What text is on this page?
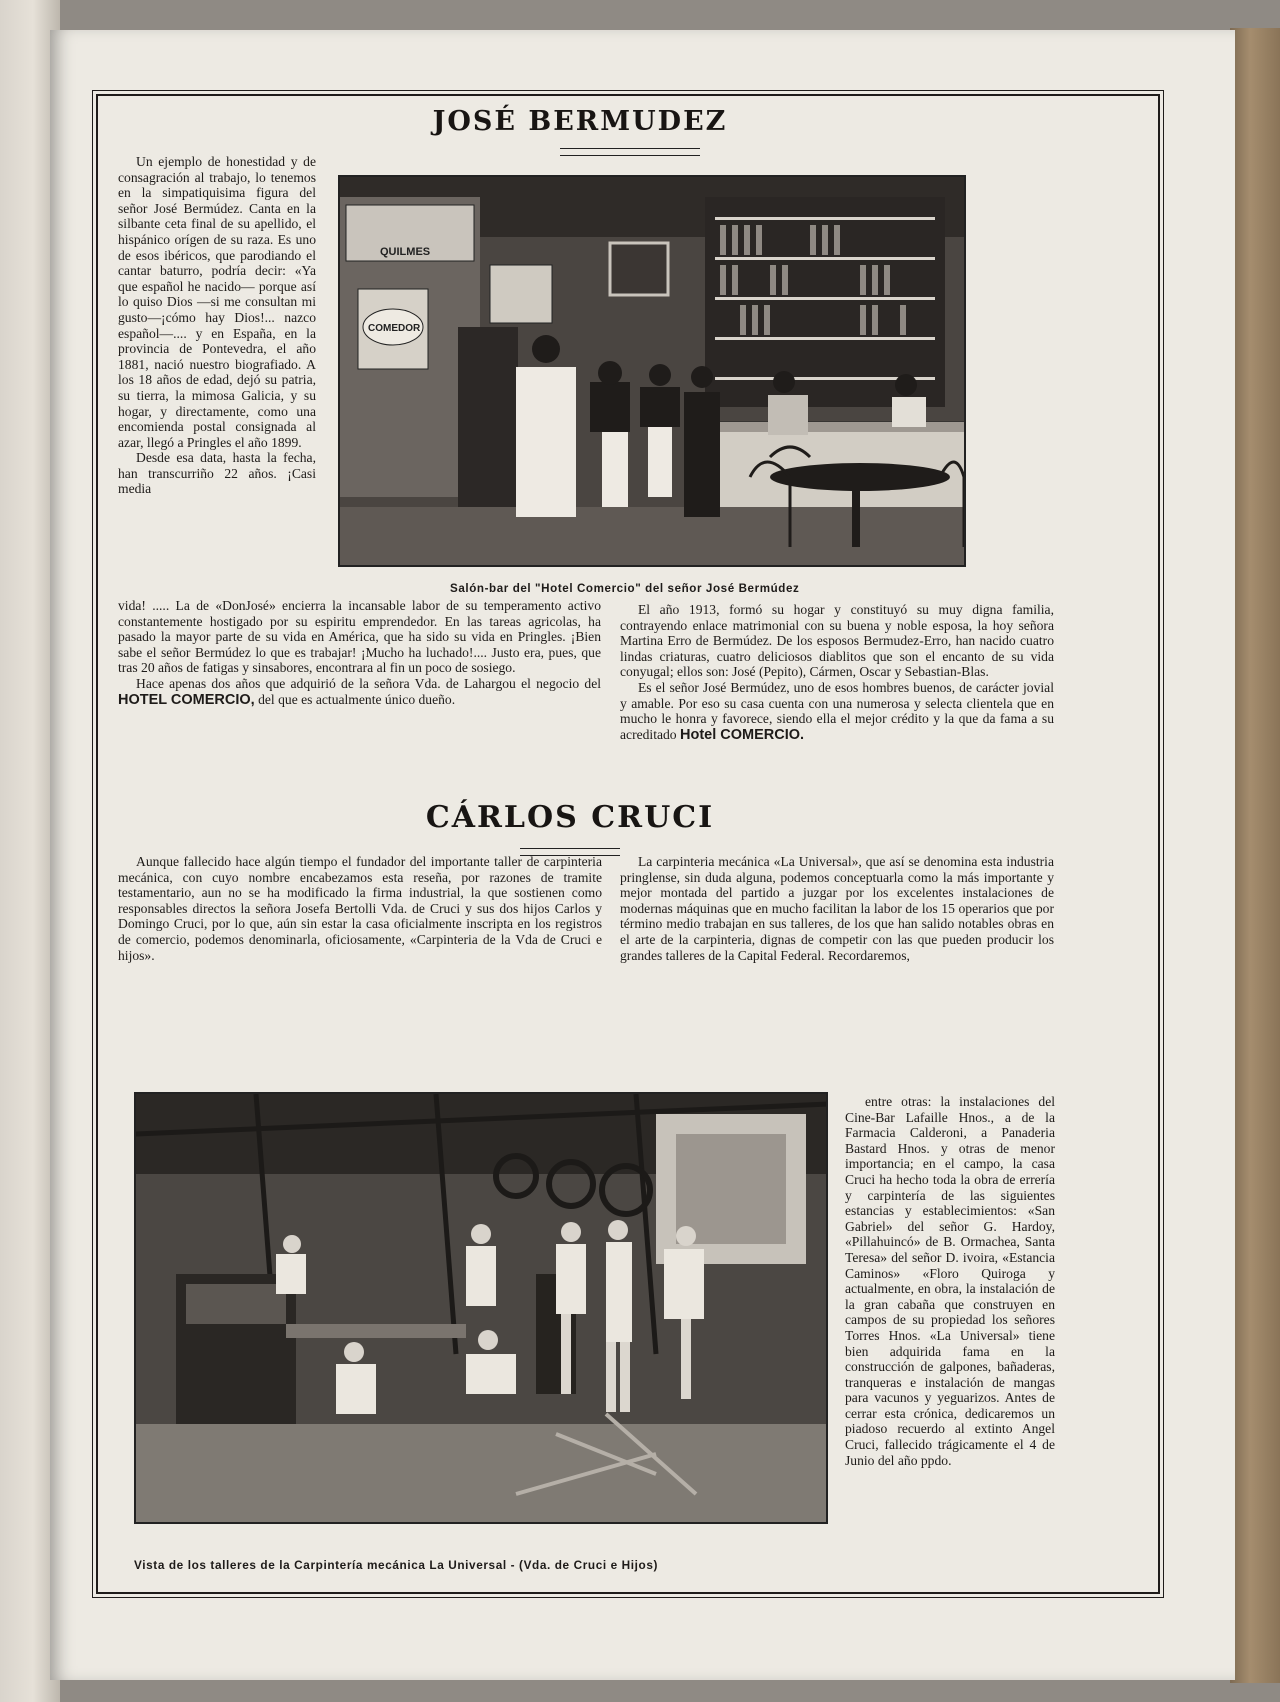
JOSÉ BERMUDEZ

Un ejemplo de honestidad y de consagración al trabajo, lo tenemos en la simpatiquisima figura del señor José Bermúdez. Canta en la silbante ceta final de su apellido, el hispánico orígen de su raza. Es uno de esos ibéricos, que parodiando el cantar baturro, podría decir: «Ya que español he nacido— porque así lo quiso Dios —si me consultan mi gusto—¡cómo hay Dios!... nazco español—.... y en España, en la provincia de Pontevedra, el año 1881, nació nuestro biografiado. A los 18 años de edad, dejó su patria, su tierra, la mimosa Galicia, y su hogar, y directamente, como una encomienda postal consignada al azar, llegó a Pringles el año 1899.

Desde esa data, hasta la fecha, han transcurriño 22 años. ¡Casi media

QUILMES
COMEDOR
Salón-bar del "Hotel Comercio" del señor José Bermúdez

vida! ..... La de «DonJosé» encierra la incansable labor de su temperamento activo constantemente hostigado por su espiritu emprendedor. En las tareas agricolas, ha pasado la mayor parte de su vida en América, que ha sido su vida en Pringles. ¡Bien sabe el señor Bermúdez lo que es trabajar! ¡Mucho ha luchado!.... Justo era, pues, que tras 20 años de fatigas y sinsabores, encontrara al fin un poco de sosiego.

Hace apenas dos años que adquirió de la señora Vda. de Lahargou el negocio del HOTEL COMERCIO, del que es actualmente único dueño.

El año 1913, formó su hogar y constituyó su muy digna familia, contrayendo enlace matrimonial con su buena y noble esposa, la hoy señora Martina Erro de Bermúdez. De los esposos Bermudez-Erro, han nacido cuatro lindas criaturas, cuatro deliciosos diablitos que son el encanto de su vida conyugal; ellos son: José (Pepito), Cármen, Oscar y Sebastian-Blas.

Es el señor José Bermúdez, uno de esos hombres buenos, de carácter jovial y amable. Por eso su casa cuenta con una numerosa y selecta clientela que en mucho le honra y favorece, siendo ella el mejor crédito y la que da fama a su acreditado Hotel COMERCIO.

CÁRLOS CRUCI

Aunque fallecido hace algún tiempo el fundador del importante taller de carpinteria mecánica, con cuyo nombre encabezamos esta reseña, por razones de tramite testamentario, aun no se ha modificado la firma industrial, la que sostienen como responsables directos la señora Josefa Bertolli Vda. de Cruci y sus dos hijos Carlos y Domingo Cruci, por lo que, aún sin estar la casa oficialmente inscripta en los registros de comercio, podemos denominarla, oficiosamente, «Carpinteria de la Vda de Cruci e hijos».

La carpinteria mecánica «La Universal», que así se denomina esta industria pringlense, sin duda alguna, podemos conceptuarla como la más importante y mejor montada del partido a juzgar por los excelentes instalaciones de modernas máquinas que en mucho facilitan la labor de los 15 operarios que por término medio trabajan en sus talleres, de los que han salido notables obras en el arte de la carpinteria, dignas de competir con las que pueden producir los grandes talleres de la Capital Federal. Recordaremos,

entre otras: la instalaciones del Cine-Bar Lafaille Hnos., a de la Farmacia Calderoni, a Panaderia Bastard Hnos. y otras de menor importancia; en el campo, la casa Cruci ha hecho toda la obra de errería y carpintería de las siguientes estancias y establecimientos: «San Gabriel» del señor G. Hardoy, «Pillahuincó» de B. Ormachea, Santa Teresa» del señor D. ivoira, «Estancia Caminos» «Floro Quiroga y actualmente, en obra, la instalación de la gran cabaña que construyen en campos de su propiedad los señores Torres Hnos. «La Universal» tiene bien adquirida fama en la construcción de galpones, bañaderas, tranqueras e instalación de mangas para vacunos y yeguarizos. Antes de cerrar esta crónica, dedicaremos un piadoso recuerdo al extinto Angel Cruci, fallecido trágicamente el 4 de Junio del año ppdo.

Vista de los talleres de la Carpintería mecánica La Universal - (Vda. de Cruci e Hijos)
